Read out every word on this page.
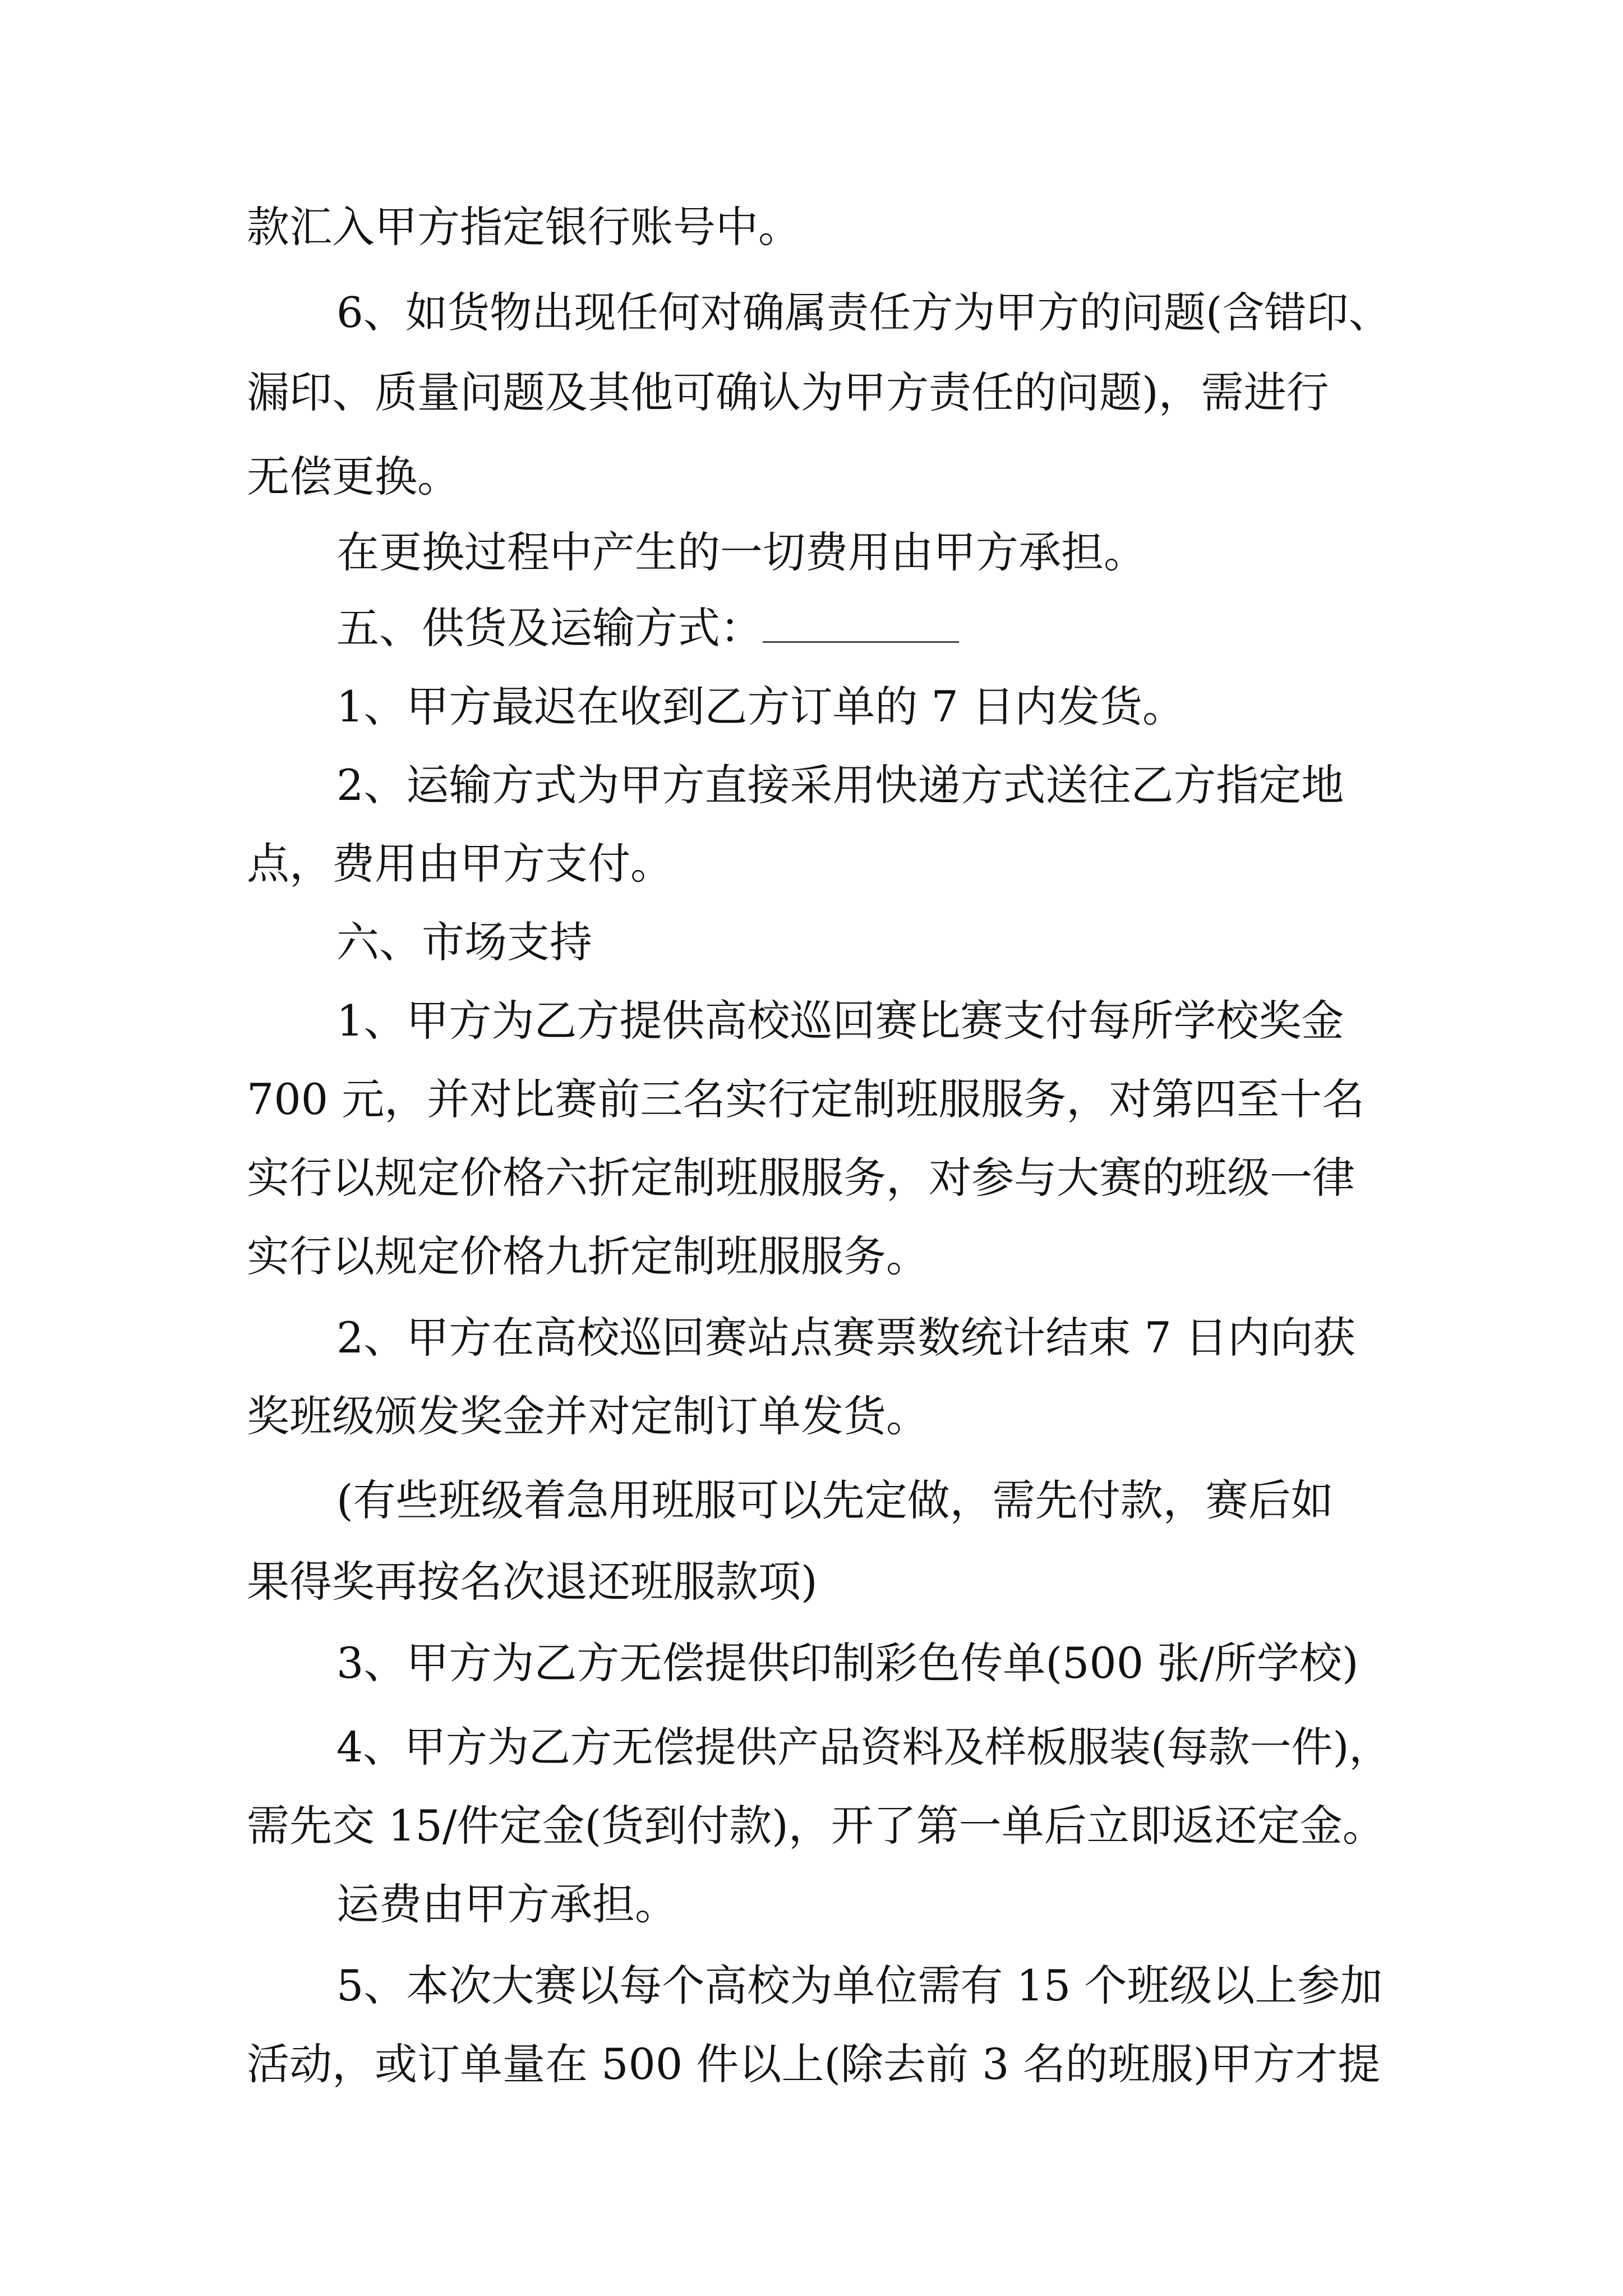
款汇入甲方指定银行账号中。
6、如货物出现任何对确属责任方为甲方的问题(含错印、
漏印、质量问题及其他可确认为甲方责任的问题)，需进行
无偿更换。
在更换过程中产生的一切费用由甲方承担。
五、供货及运输方式：
1、甲方最迟在收到乙方订单的 7 日内发货。
2、运输方式为甲方直接采用快递方式送往乙方指定地
点，费用由甲方支付。
六、市场支持
1、甲方为乙方提供高校巡回赛比赛支付每所学校奖金
700 元，并对比赛前三名实行定制班服服务，对第四至十名
实行以规定价格六折定制班服服务，对参与大赛的班级一律
实行以规定价格九折定制班服服务。
2、甲方在高校巡回赛站点赛票数统计结束 7 日内向获
奖班级颁发奖金并对定制订单发货。
(有些班级着急用班服可以先定做，需先付款，赛后如
果得奖再按名次退还班服款项)
3、甲方为乙方无偿提供印制彩色传单(500 张/所学校)
4、甲方为乙方无偿提供产品资料及样板服装(每款一件)，
需先交 15/件定金(货到付款)，开了第一单后立即返还定金。
运费由甲方承担。
5、本次大赛以每个高校为单位需有 15 个班级以上参加
活动，或订单量在 500 件以上(除去前 3 名的班服)甲方才提
